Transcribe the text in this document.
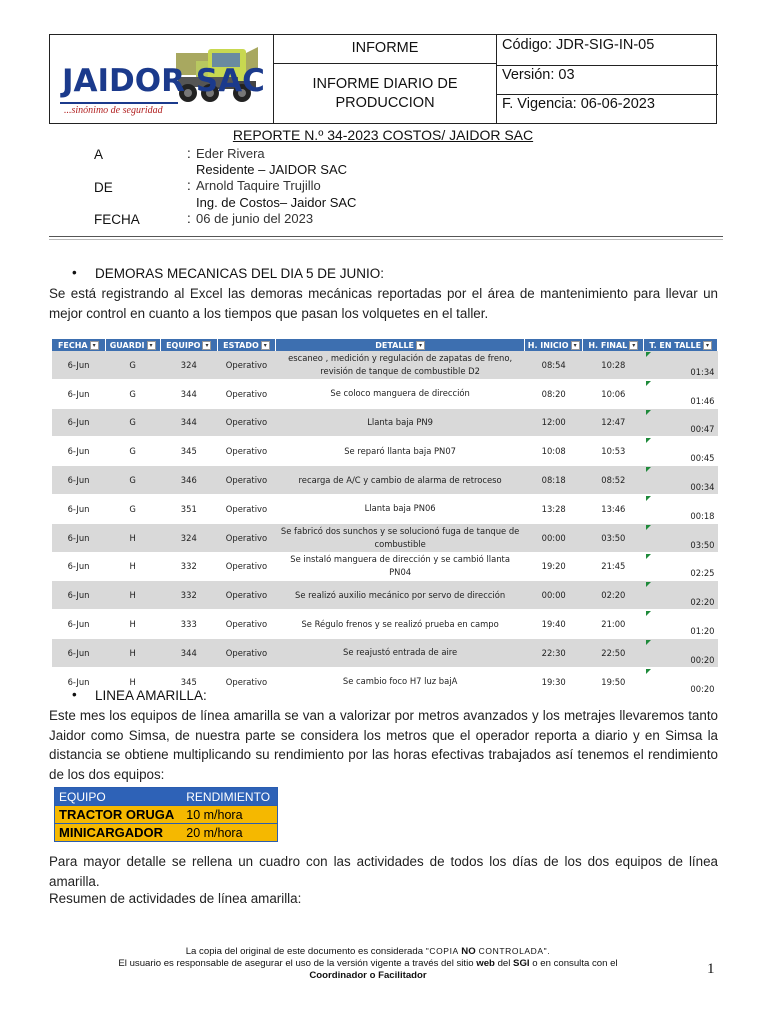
JAIDOR SAC
...sinónimo de seguridad
INFORME
INFORME DIARIO DE PRODUCCION
Código: JDR-SIG-IN-05
Versión: 03
F. Vigencia: 06-06-2023
REPORTE N.º 34-2023 COSTOS/ JAIDOR SAC
A	: Eder Rivera
Residente – JAIDOR SAC
DE	: Arnold Taquire Trujillo
Ing. de Costos– Jaidor SAC
FECHA	: 06 de junio del 2023
• DEMORAS MECANICAS DEL DIA 5 DE JUNIO:
Se está registrando al Excel las demoras mecánicas reportadas por el área de mantenimiento para llevar un mejor control en cuanto a los tiempos que pasan los volquetes en el taller.
FECHA ▾	GUARDI ▾	EQUIPO ▾	ESTADO ▾	DETALLE ▾	H. INICIO ▾	H. FINAL ▾	T. EN TALLE ▾
6-Jun	G	324	Operativo	escaneo , medición y regulación de zapatas de freno, revisión de tanque de combustible D2	08:54	10:28	01:34
6-Jun	G	344	Operativo	Se coloco manguera de dirección	08:20	10:06	01:46
6-Jun	G	344	Operativo	Llanta baja PN9	12:00	12:47	00:47
6-Jun	G	345	Operativo	Se reparó llanta baja PN07	10:08	10:53	00:45
6-Jun	G	346	Operativo	recarga de A/C y cambio de alarma de retroceso	08:18	08:52	00:34
6-Jun	G	351	Operativo	Llanta baja PN06	13:28	13:46	00:18
6-Jun	H	324	Operativo	Se fabricó dos sunchos y se solucionó fuga de tanque de combustible	00:00	03:50	03:50
6-Jun	H	332	Operativo	Se instaló manguera de dirección y se cambió llanta PN04	19:20	21:45	02:25
6-Jun	H	332	Operativo	Se realizó auxilio mecánico por servo de dirección	00:00	02:20	02:20
6-Jun	H	333	Operativo	Se Régulo frenos y se realizó prueba en campo	19:40	21:00	01:20
6-Jun	H	344	Operativo	Se reajustó entrada de aire	22:30	22:50	00:20
6-Jun	H	345	Operativo	Se cambio foco H7 luz bajA	19:30	19:50	00:20
• LINEA AMARILLA:
Este mes los equipos de línea amarilla se van a valorizar por metros avanzados y los metrajes llevaremos tanto Jaidor como Simsa, de nuestra parte se considera los metros que el operador reporta a diario y en Simsa la distancia se obtiene multiplicando su rendimiento por las horas efectivas trabajados así tenemos el rendimiento de los dos equipos:
EQUIPO	RENDIMIENTO
TRACTOR ORUGA	10 m/hora
MINICARGADOR	20 m/hora
Para mayor detalle se rellena un cuadro con las actividades de todos los días de los dos equipos de línea amarilla.
Resumen de actividades de línea amarilla:
La copia del original de este documento es considerada "COPIA NO CONTROLADA".
El usuario es responsable de asegurar el uso de la versión vigente a través del sitio web del SGI o en consulta con el
Coordinador o Facilitador	1
